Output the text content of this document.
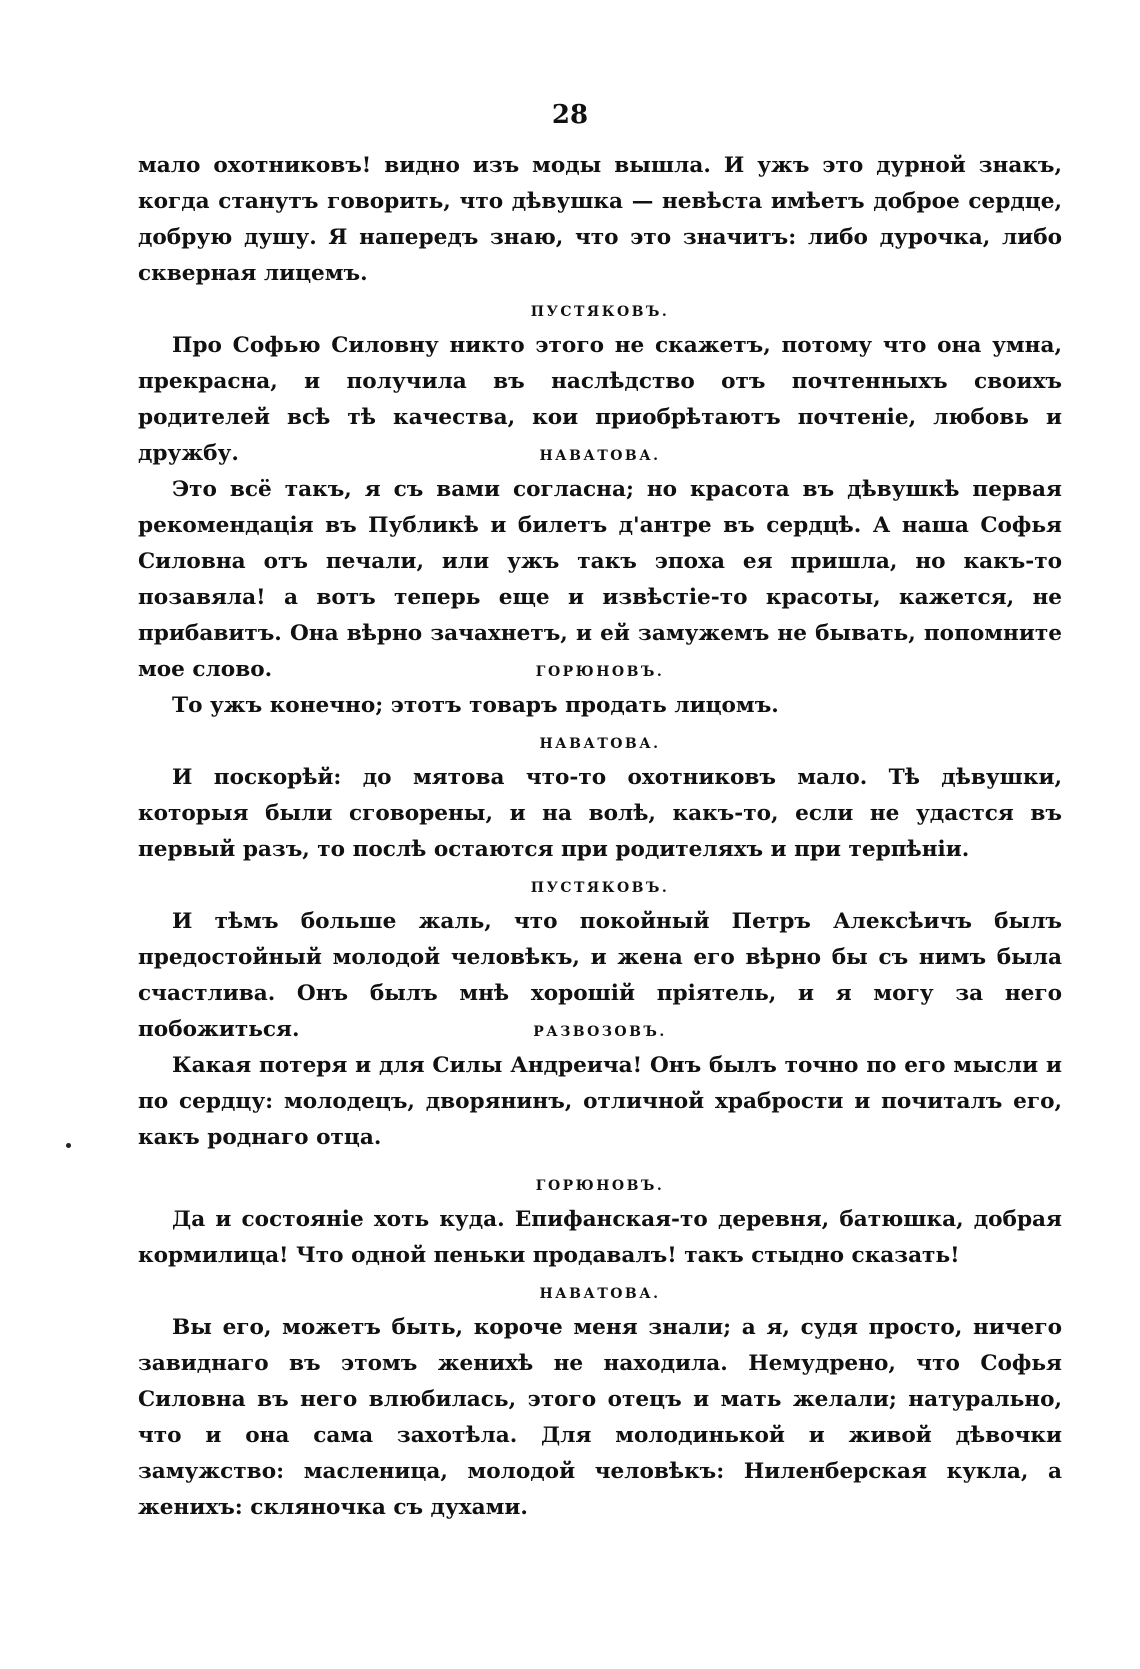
28

мало охотниковъ! видно изъ моды вышла. И ужъ это дурной знакъ, когда станутъ говорить, что дѣвушка — невѣста имѣетъ доброе сердце, добрую душу. Я напередъ знаю, что это значитъ: либо дурочка, либо скверная лицемъ.

ПУСТЯКОВЪ.

Про Софью Силовну никто этого не скажетъ, потому что она умна, прекрасна, и получила въ наслѣдство отъ почтенныхъ своихъ родителей всѣ тѣ качества, кои приобрѣтаютъ почтеніе, любовь и дружбу.	НАВАТОВА.

Это всё такъ, я съ вами согласна; но красота въ дѣвушкѣ первая рекомендація въ Публикѣ и билетъ д'антре въ сердцѣ. А наша Софья Силовна отъ печали, или ужъ такъ эпоха ея пришла, но какъ-то позавяла! а вотъ теперь еще и извѣстіе-то красоты, кажется, не прибавитъ. Она вѣрно зачахнетъ, и ей замужемъ не бывать, попомните мое слово.	ГОРЮНОВЪ.

То ужъ конечно; этотъ товаръ продать лицомъ.

НАВАТОВА.

И поскорѣй: до мятова что-то охотниковъ мало. Тѣ дѣвушки, которыя были сговорены, и на волѣ, какъ-то, если не удастся въ первый разъ, то послѣ остаются при родителяхъ и при терпѣніи.

ПУСТЯКОВЪ.

И тѣмъ больше жаль, что покойный Петръ Алексѣичъ былъ предостойный молодой человѣкъ, и жена его вѣрно бы съ нимъ была счастлива. Онъ былъ мнѣ хорошій пріятель, и я могу за него побожиться.	РАЗВОЗОВЪ.

Какая потеря и для Силы Андреича! Онъ былъ точно по его мысли и по сердцу: молодецъ, дворянинъ, отличной храбрости и почиталъ его, какъ роднаго отца.

ГОРЮНОВЪ.

Да и состояніе хоть куда. Епифанская-то деревня, батюшка, добрая кормилица! Что одной пеньки продавалъ! такъ стыдно сказать!

НАВАТОВА.

Вы его, можетъ быть, короче меня знали; а я, судя просто, ничего завиднаго въ этомъ женихѣ не находила. Немудрено, что Софья Силовна въ него влюбилась, этого отецъ и мать желали; натурально, что и она сама захотѣла. Для молодинькой и живой дѣвочки замужство: масленица, молодой человѣкъ: Ниленберская кукла, а женихъ: скляночка съ духами.
